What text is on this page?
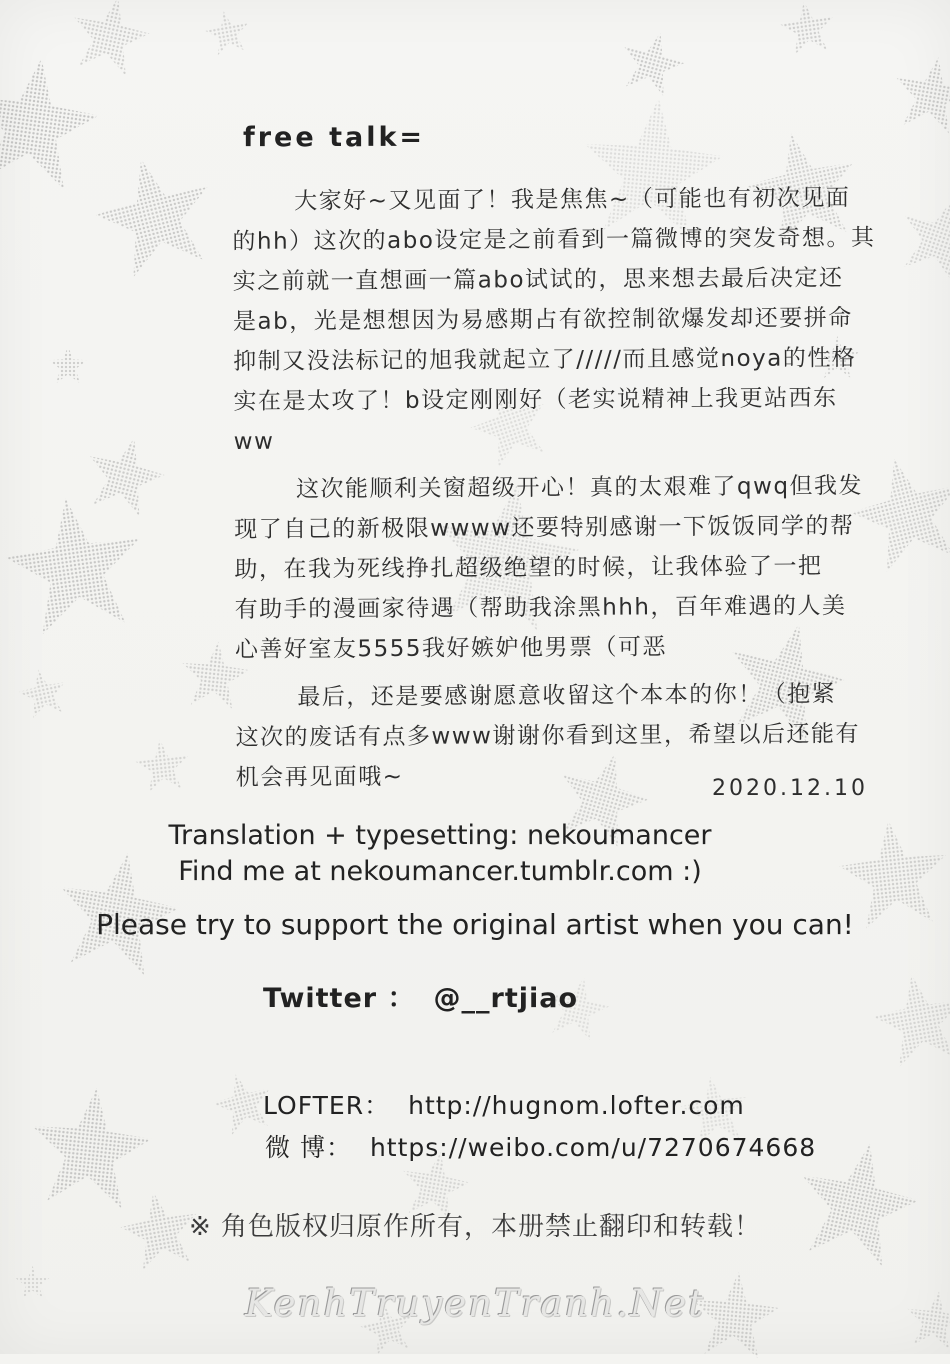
free talk=
大家好~又见面了！我是焦焦~（可能也有初次见面
的hh）这次的abo设定是之前看到一篇微博的突发奇想。其
实之前就一直想画一篇abo试试的，思来想去最后决定还
是ab，光是想想因为易感期占有欲控制欲爆发却还要拼命
抑制又没法标记的旭我就起立了/////而且感觉noya的性格
实在是太攻了！b设定刚刚好（老实说精神上我更站西东
ww
这次能顺利关窗超级开心！真的太艰难了qwq但我发
现了自己的新极限wwww还要特别感谢一下饭饭同学的帮
助，在我为死线挣扎超级绝望的时候，让我体验了一把
有助手的漫画家待遇（帮助我涂黑hhh，百年难遇的人美
心善好室友5555我好嫉妒他男票（可恶
最后，还是要感谢愿意收留这个本本的你！（抱紧
这次的废话有点多www谢谢你看到这里，希望以后还能有
机会再见面哦~	2020.12.10
Translation + typesetting: nekoumancer
Find me at nekoumancer.tumblr.com :)
Please try to support the original artist when you can!
Twitter ： @__rtjiao
LOFTER： http://hugnom.lofter.com
微 博： https://weibo.com/u/7270674668
※ 角色版权归原作所有，本册禁止翻印和转载！
KenhTruyenTranh.Net
